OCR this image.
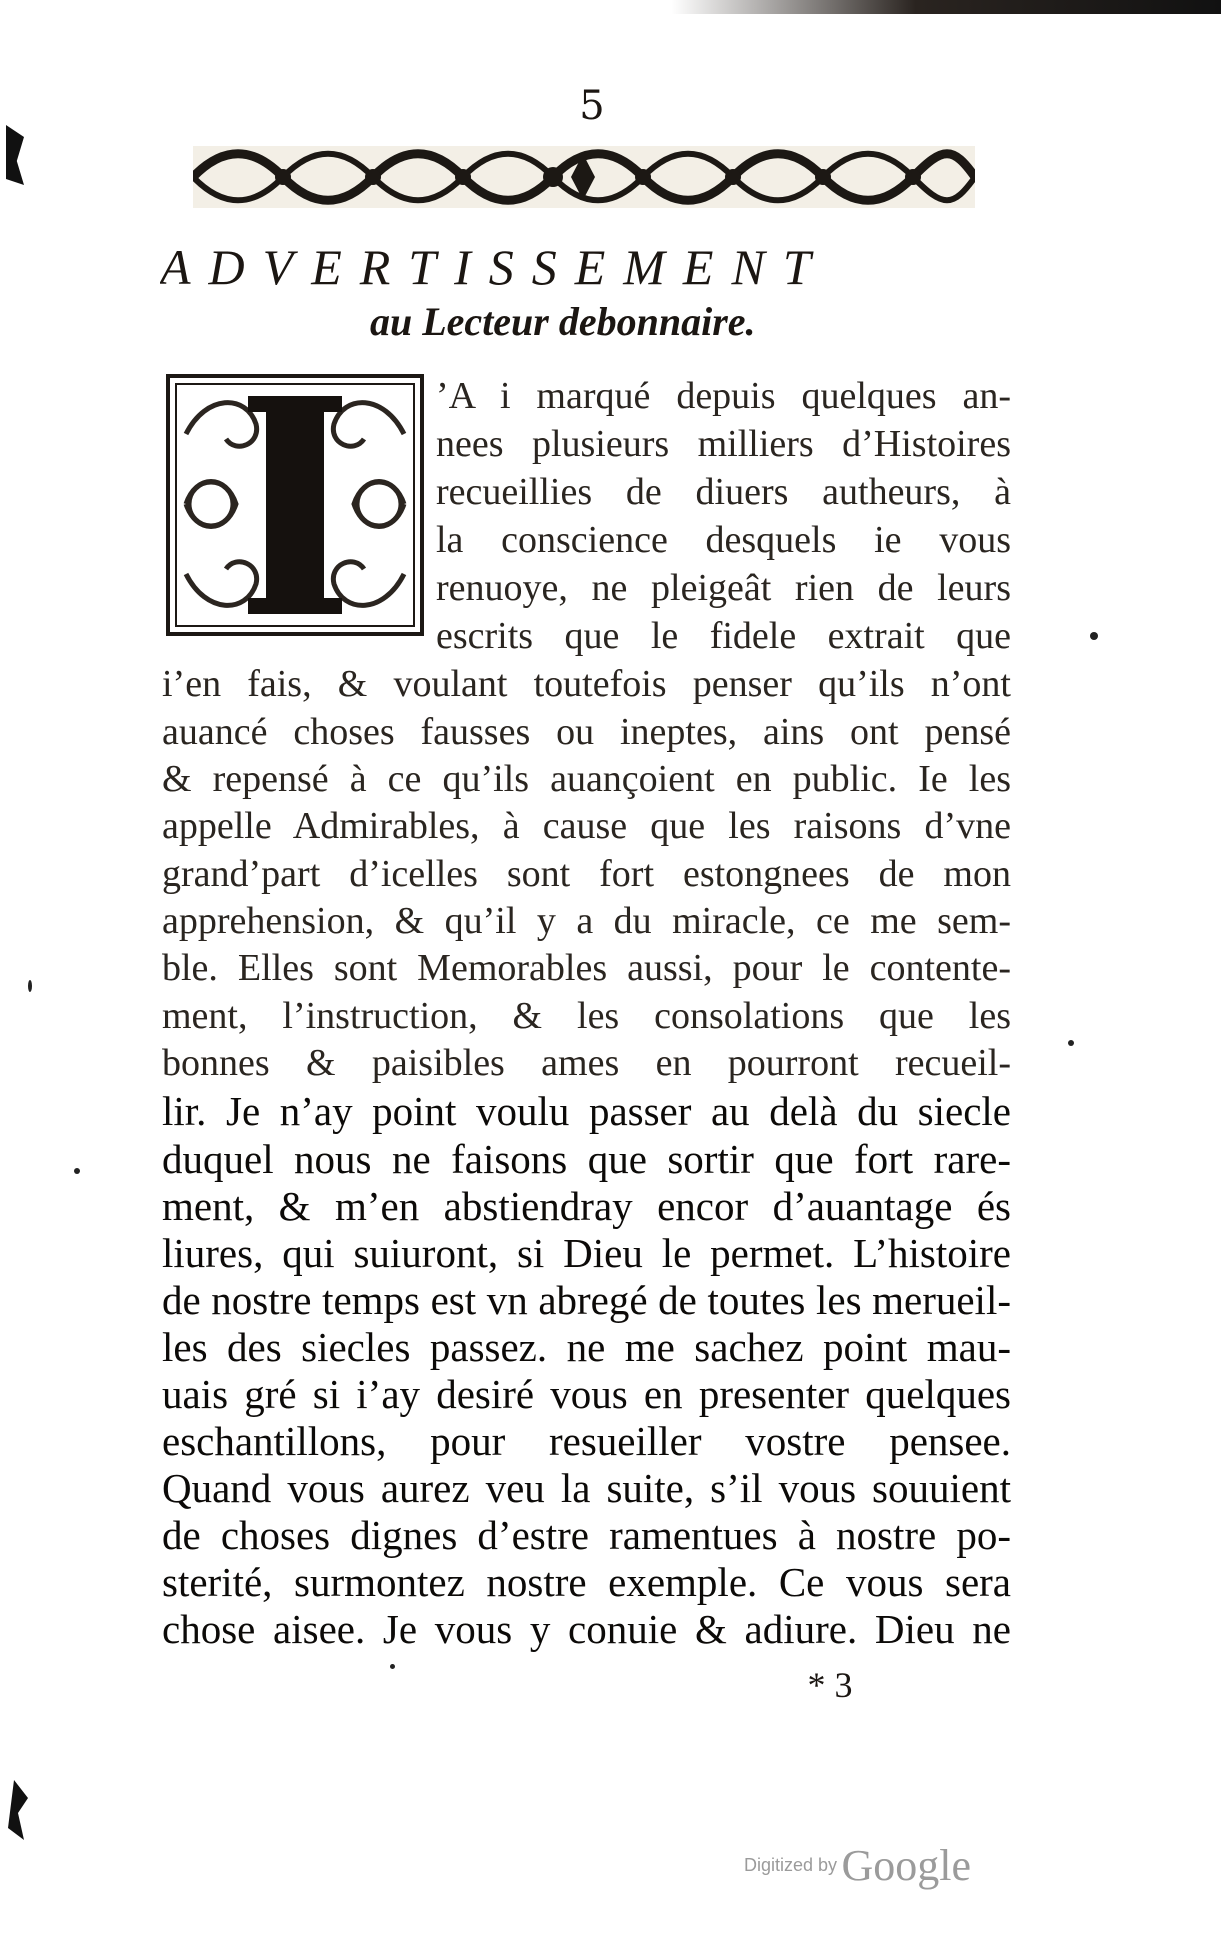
5
ADVERTISSEMENT
au Lecteur debonnaire.
’A i marqué depuis quelques an-
nees plusieurs milliers d’Histoires
recueillies de diuers autheurs, à
la conscience desquels ie vous
renuoye, ne pleigeât rien de leurs
escrits que le fidele extrait que
i’en fais, & voulant toutefois penser qu’ils n’ont
auancé choses fausses ou ineptes, ains ont pensé
& repensé à ce qu’ils auançoient en public. Ie les
appelle Admirables, à cause que les raisons d’vne
grand’part d’icelles sont fort estongnees de mon
apprehension, & qu’il y a du miracle, ce me sem-
ble. Elles sont Memorables aussi, pour le contente-
ment, l’instruction, & les consolations que les
bonnes & paisibles ames en pourront recueil-
lir. Je n’ay point voulu passer au delà du siecle
duquel nous ne faisons que sortir que fort rare-
ment, & m’en abstiendray encor d’auantage és
liures, qui suiuront, si Dieu le permet. L’histoire
de nostre temps est vn abregé de toutes les merueil-
les des siecles passez. ne me sachez point mau-
uais gré si i’ay desiré vous en presenter quelques
eschantillons, pour resueiller vostre pensee.
Quand vous aurez veu la suite, s’il vous souuient
de choses dignes d’estre ramentues à nostre po-
sterité, surmontez nostre exemple. Ce vous sera
chose aisee. Je vous y conuie & adiure. Dieu ne
* 3
Digitized by Google
